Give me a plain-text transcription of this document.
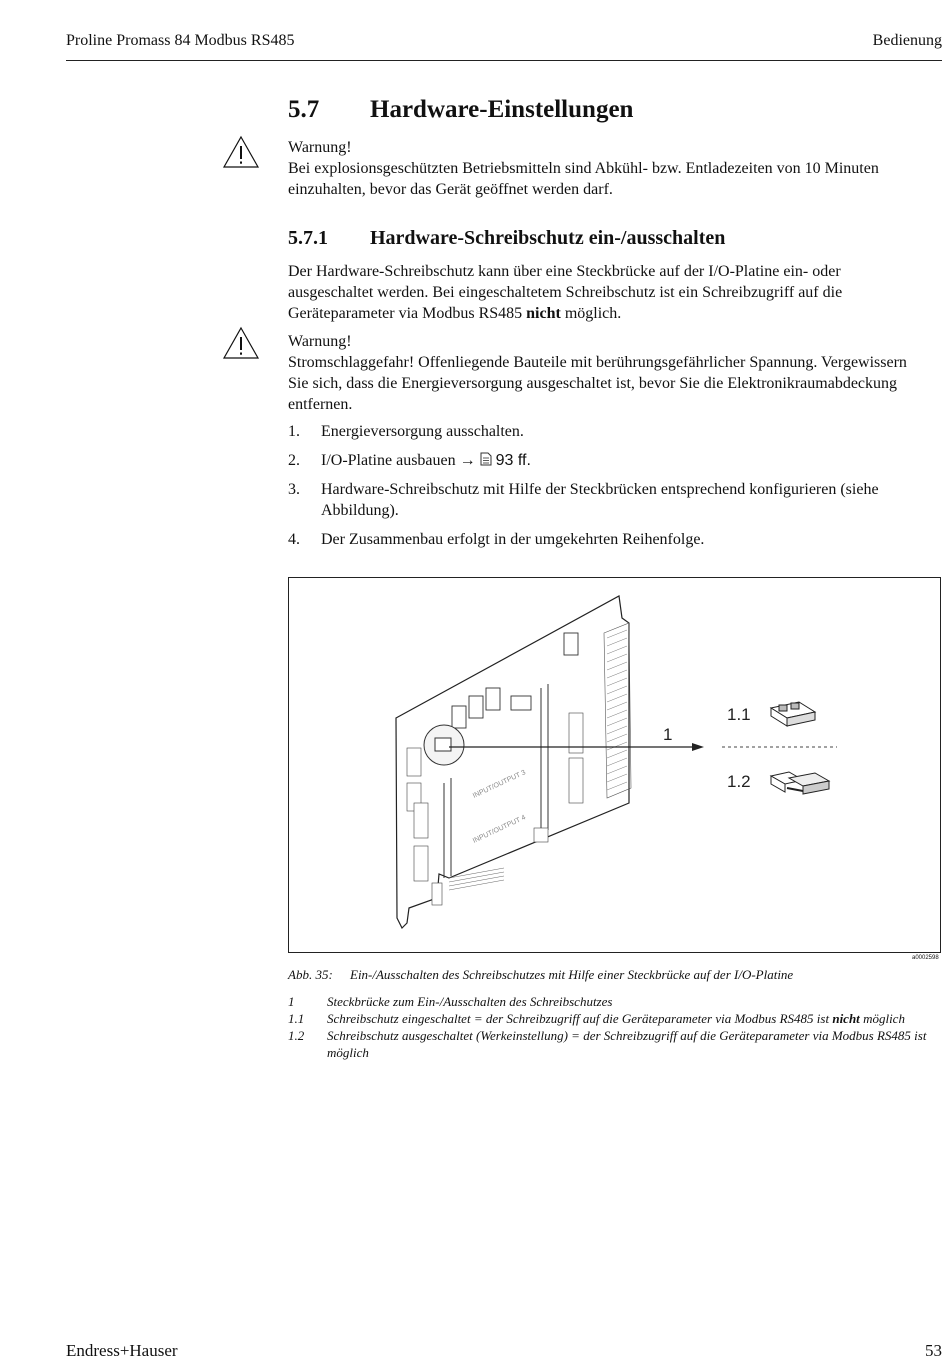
Proline Promass 84 Modbus RS485	Bedienung
5.7 Hardware-Einstellungen
Warnung!
Bei explosionsgeschützten Betriebsmitteln sind Abkühl- bzw. Entladezeiten von 10 Minuten einzuhalten, bevor das Gerät geöffnet werden darf.
5.7.1 Hardware-Schreibschutz ein-/ausschalten
Der Hardware-Schreibschutz kann über eine Steckbrücke auf der I/O-Platine ein- oder ausgeschaltet werden. Bei eingeschaltetem Schreibschutz ist ein Schreibzugriff auf die Geräteparameter via Modbus RS485 nicht möglich.
Warnung!
Stromschlaggefahr! Offenliegende Bauteile mit berührungsgefährlicher Spannung. Vergewissern Sie sich, dass die Energieversorgung ausgeschaltet ist, bevor Sie die Elektronikraumabdeckung entfernen.
1. Energieversorgung ausschalten.
2. I/O-Platine ausbauen → 93 ff.
3. Hardware-Schreibschutz mit Hilfe der Steckbrücken entsprechend konfigurieren (siehe Abbildung).
4. Der Zusammenbau erfolgt in der umgekehrten Reihenfolge.
INPUT/OUTPUT 3
INPUT/OUTPUT 4
1
1.1
1.2
a0002598
Abb. 35: Ein-/Ausschalten des Schreibschutzes mit Hilfe einer Steckbrücke auf der I/O-Platine
1	Steckbrücke zum Ein-/Ausschalten des Schreibschutzes
1.1 Schreibschutz eingeschaltet = der Schreibzugriff auf die Geräteparameter via Modbus RS485 ist nicht möglich
1.2 Schreibschutz ausgeschaltet (Werkeinstellung) = der Schreibzugriff auf die Geräteparameter via Modbus RS485 ist möglich
Endress+Hauser	53
